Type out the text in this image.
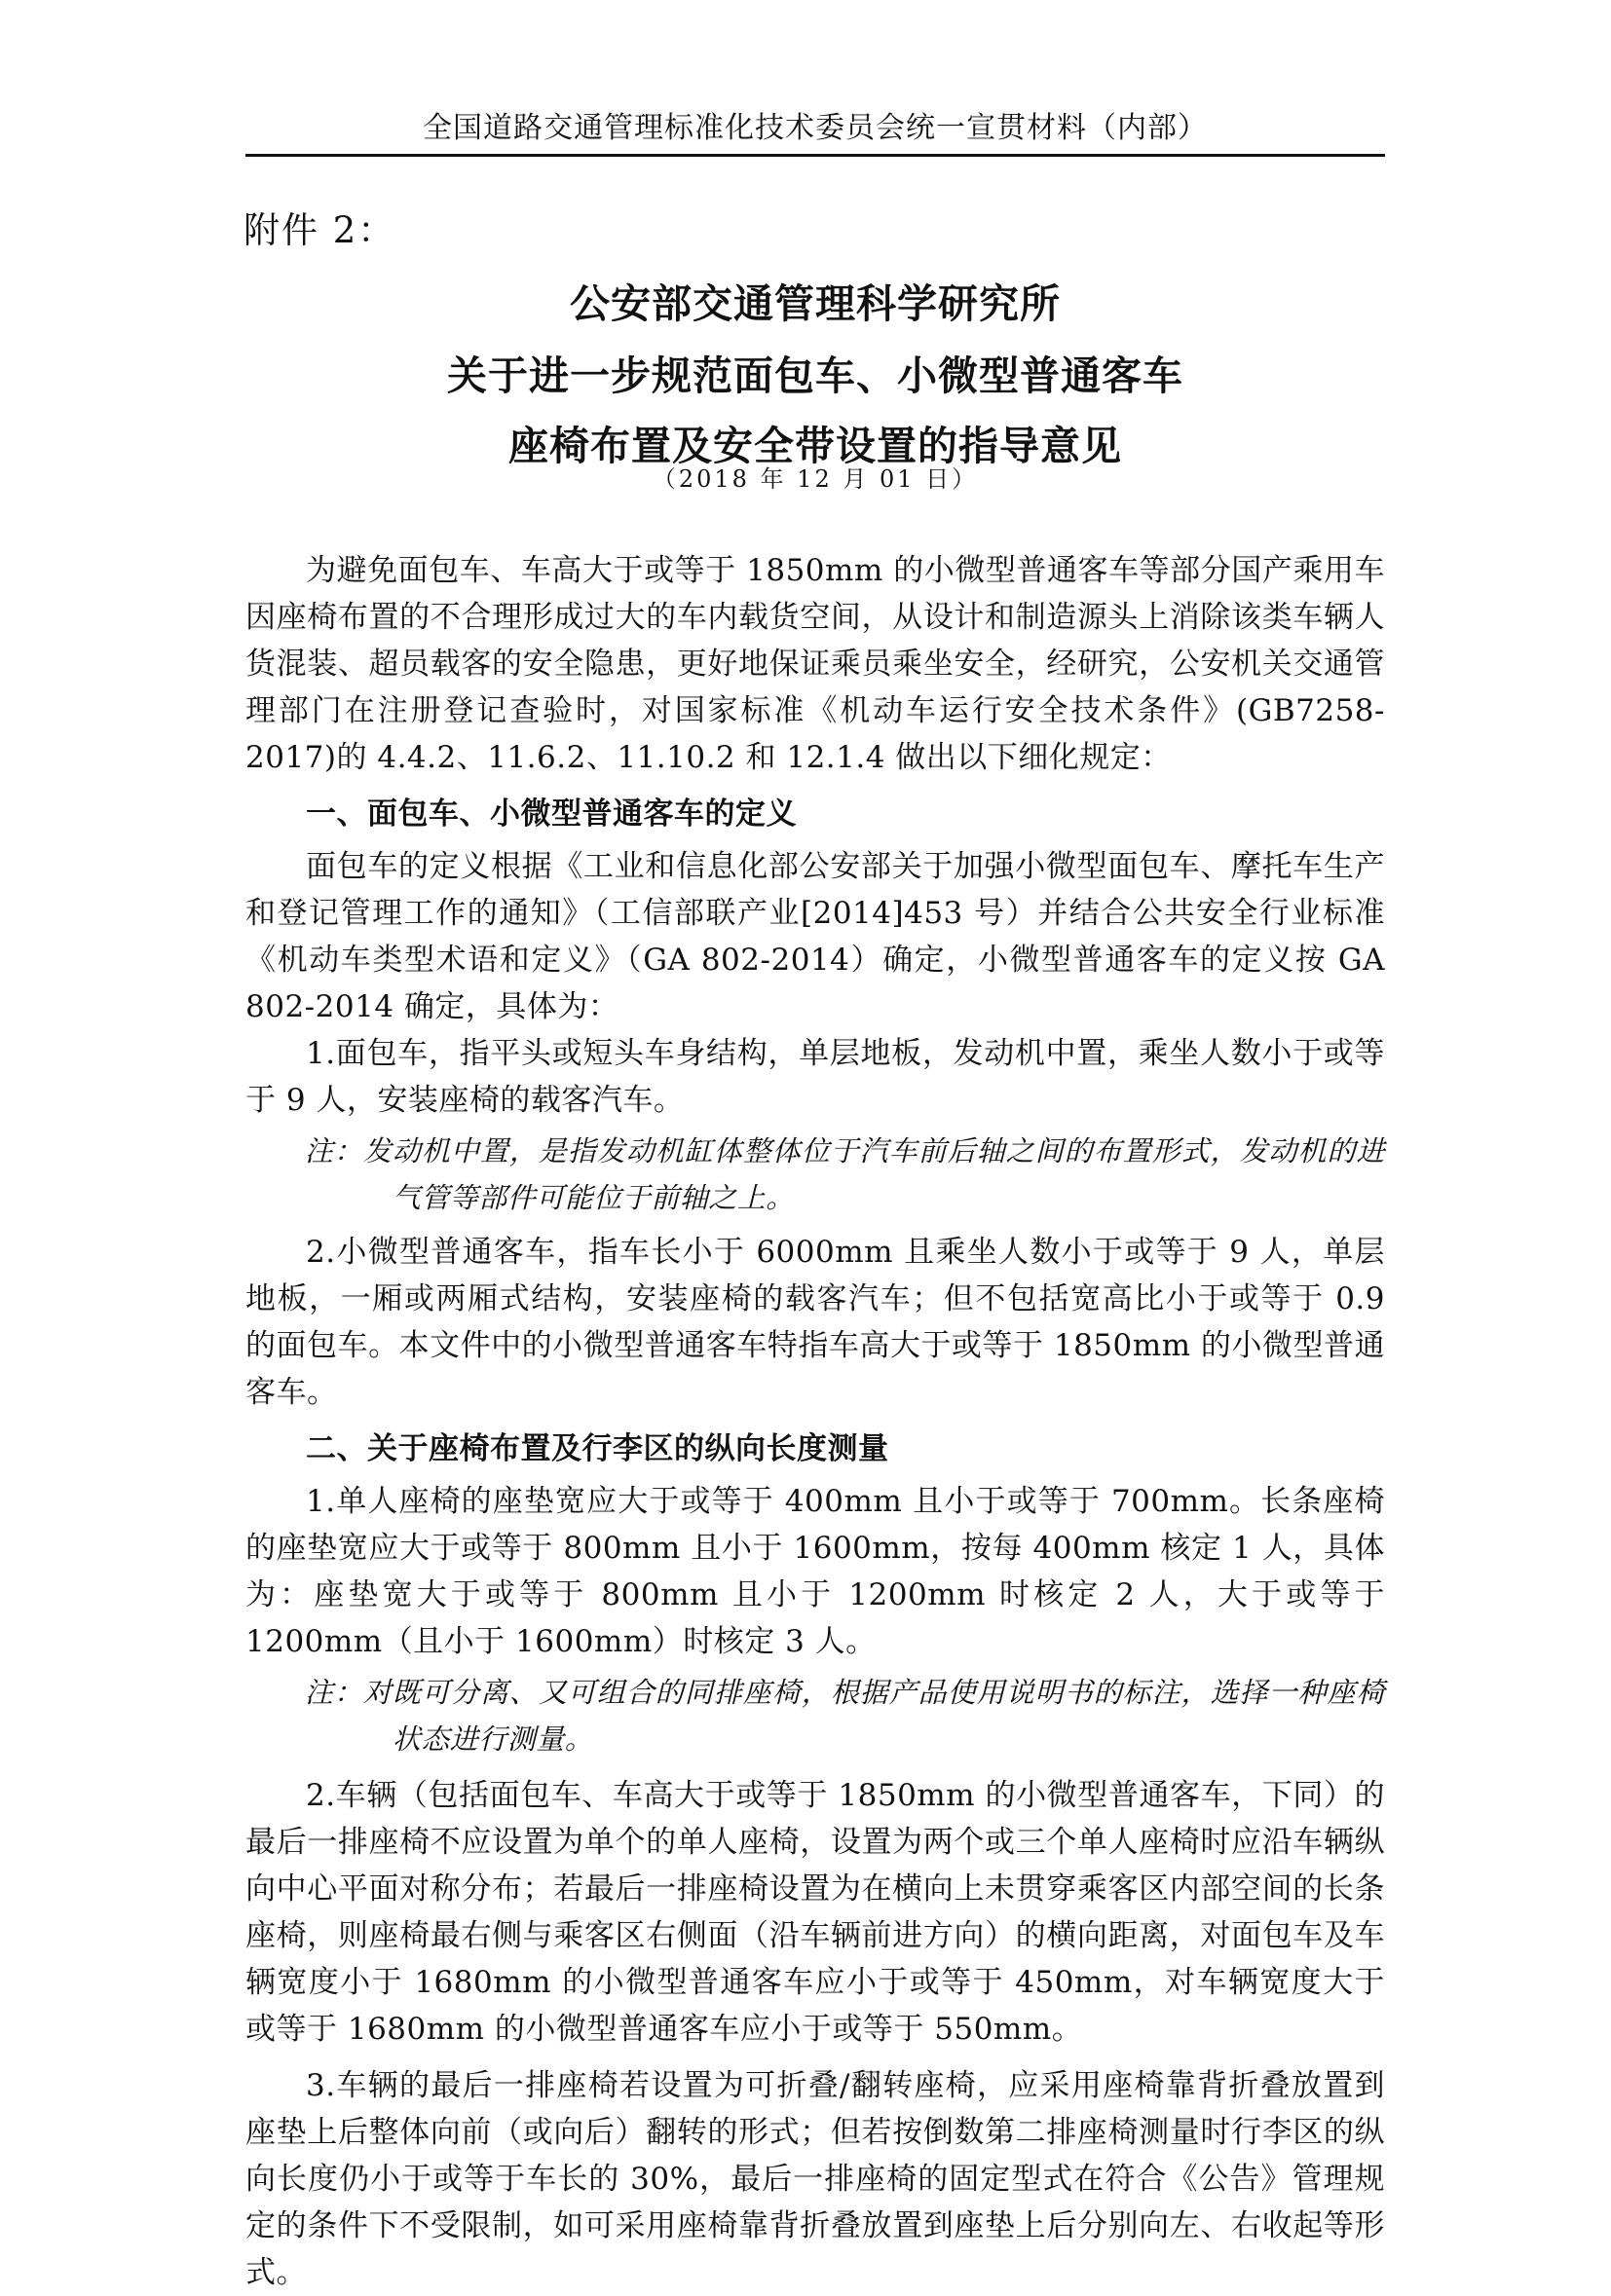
全国道路交通管理标准化技术委员会统一宣贯材料（内部）
附件 2：
公安部交通管理科学研究所
关于进一步规范面包车、小微型普通客车
座椅布置及安全带设置的指导意见
（2018 年 12 月 01 日）

为避免面包车、车高大于或等于 1850mm 的小微型普通客车等部分国产乘用车因座椅布置的不合理形成过大的车内载货空间，从设计和制造源头上消除该类车辆人货混装、超员载客的安全隐患，更好地保证乘员乘坐安全，经研究，公安机关交通管理部门在注册登记查验时，对国家标准《机动车运行安全技术条件》(GB7258-2017)的 4.4.2、11.6.2、11.10.2 和 12.1.4 做出以下细化规定：

一、面包车、小微型普通客车的定义

面包车的定义根据《工业和信息化部公安部关于加强小微型面包车、摩托车生产和登记管理工作的通知》（工信部联产业[2014]453 号）并结合公共安全行业标准《机动车类型术语和定义》（GA 802-2014）确定，小微型普通客车的定义按 GA 802-2014 确定，具体为：

1.面包车，指平头或短头车身结构，单层地板，发动机中置，乘坐人数小于或等于 9 人，安装座椅的载客汽车。

注：发动机中置，是指发动机缸体整体位于汽车前后轴之间的布置形式，发动机的进气管等部件可能位于前轴之上。

2.小微型普通客车，指车长小于 6000mm 且乘坐人数小于或等于 9 人，单层地板，一厢或两厢式结构，安装座椅的载客汽车；但不包括宽高比小于或等于 0.9 的面包车。本文件中的小微型普通客车特指车高大于或等于 1850mm 的小微型普通客车。

二、关于座椅布置及行李区的纵向长度测量

1.单人座椅的座垫宽应大于或等于 400mm 且小于或等于 700mm。长条座椅的座垫宽应大于或等于 800mm 且小于 1600mm，按每 400mm 核定 1 人，具体为：座垫宽大于或等于 800mm 且小于 1200mm 时核定 2 人，大于或等于 1200mm（且小于 1600mm）时核定 3 人。

注：对既可分离、又可组合的同排座椅，根据产品使用说明书的标注，选择一种座椅状态进行测量。

2.车辆（包括面包车、车高大于或等于 1850mm 的小微型普通客车，下同）的最后一排座椅不应设置为单个的单人座椅，设置为两个或三个单人座椅时应沿车辆纵向中心平面对称分布；若最后一排座椅设置为在横向上未贯穿乘客区内部空间的长条座椅，则座椅最右侧与乘客区右侧面（沿车辆前进方向）的横向距离，对面包车及车辆宽度小于 1680mm 的小微型普通客车应小于或等于 450mm，对车辆宽度大于或等于 1680mm 的小微型普通客车应小于或等于 550mm。

3.车辆的最后一排座椅若设置为可折叠/翻转座椅，应采用座椅靠背折叠放置到座垫上后整体向前（或向后）翻转的形式；但若按倒数第二排座椅测量时行李区的纵向长度仍小于或等于车长的 30%，最后一排座椅的固定型式在符合《公告》管理规定的条件下不受限制，如可采用座椅靠背折叠放置到座垫上后分别向左、右收起等形式。
